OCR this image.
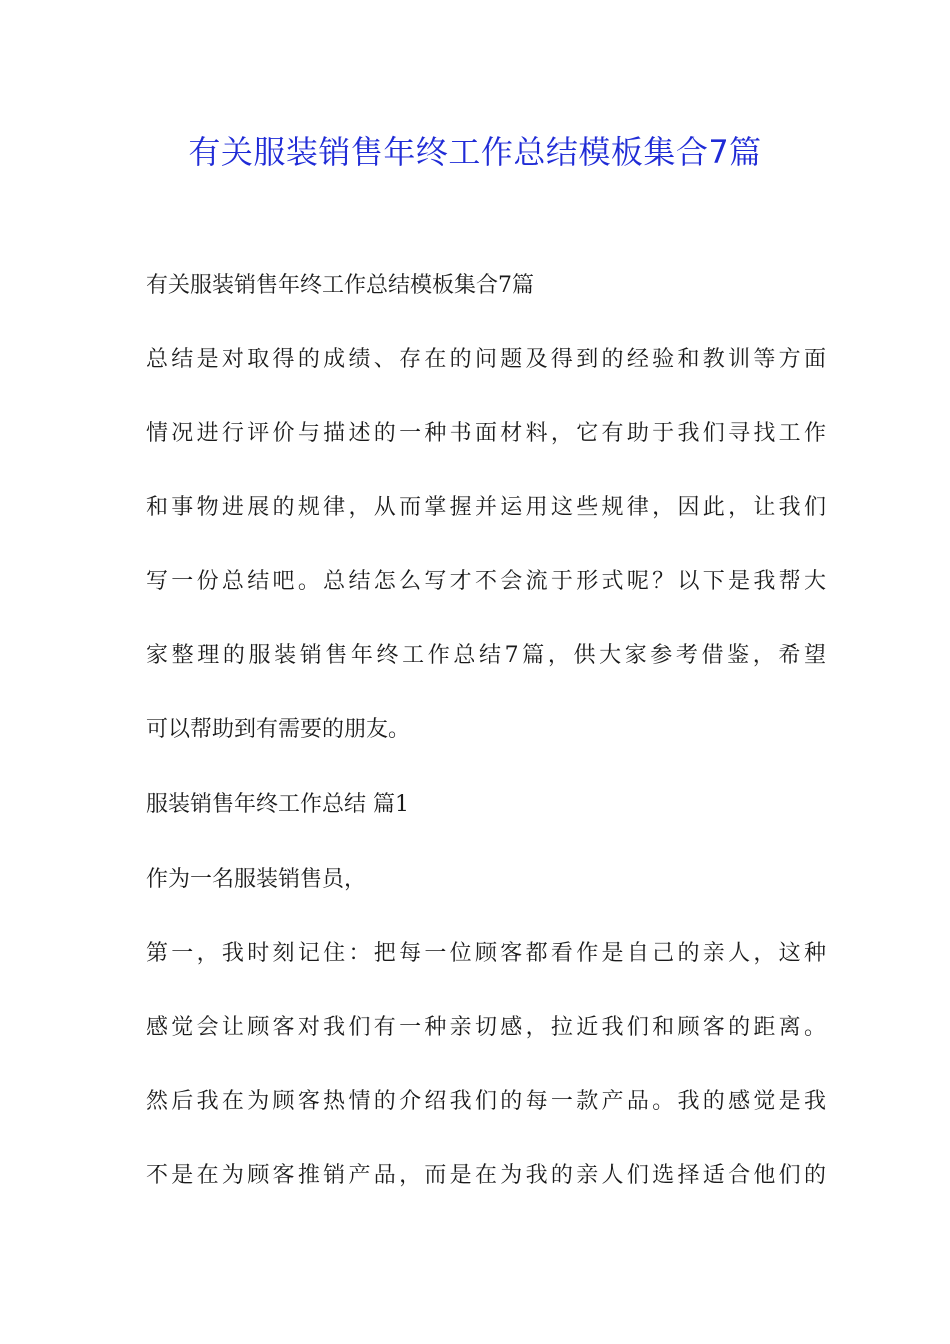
有关服装销售年终工作总结模板集合7篇
有关服装销售年终工作总结模板集合7篇
总结是对取得的成绩、存在的问题及得到的经验和教训等方面
情况进行评价与描述的一种书面材料，它有助于我们寻找工作
和事物进展的规律，从而掌握并运用这些规律，因此，让我们
写一份总结吧。总结怎么写才不会流于形式呢？以下是我帮大
家整理的服装销售年终工作总结7篇，供大家参考借鉴，希望
可以帮助到有需要的朋友。
服装销售年终工作总结 篇1
作为一名服装销售员，
第一，我时刻记住：把每一位顾客都看作是自己的亲人，这种
感觉会让顾客对我们有一种亲切感，拉近我们和顾客的距离。
然后我在为顾客热情的介绍我们的每一款产品。我的感觉是我
不是在为顾客推销产品，而是在为我的亲人们选择适合他们的
